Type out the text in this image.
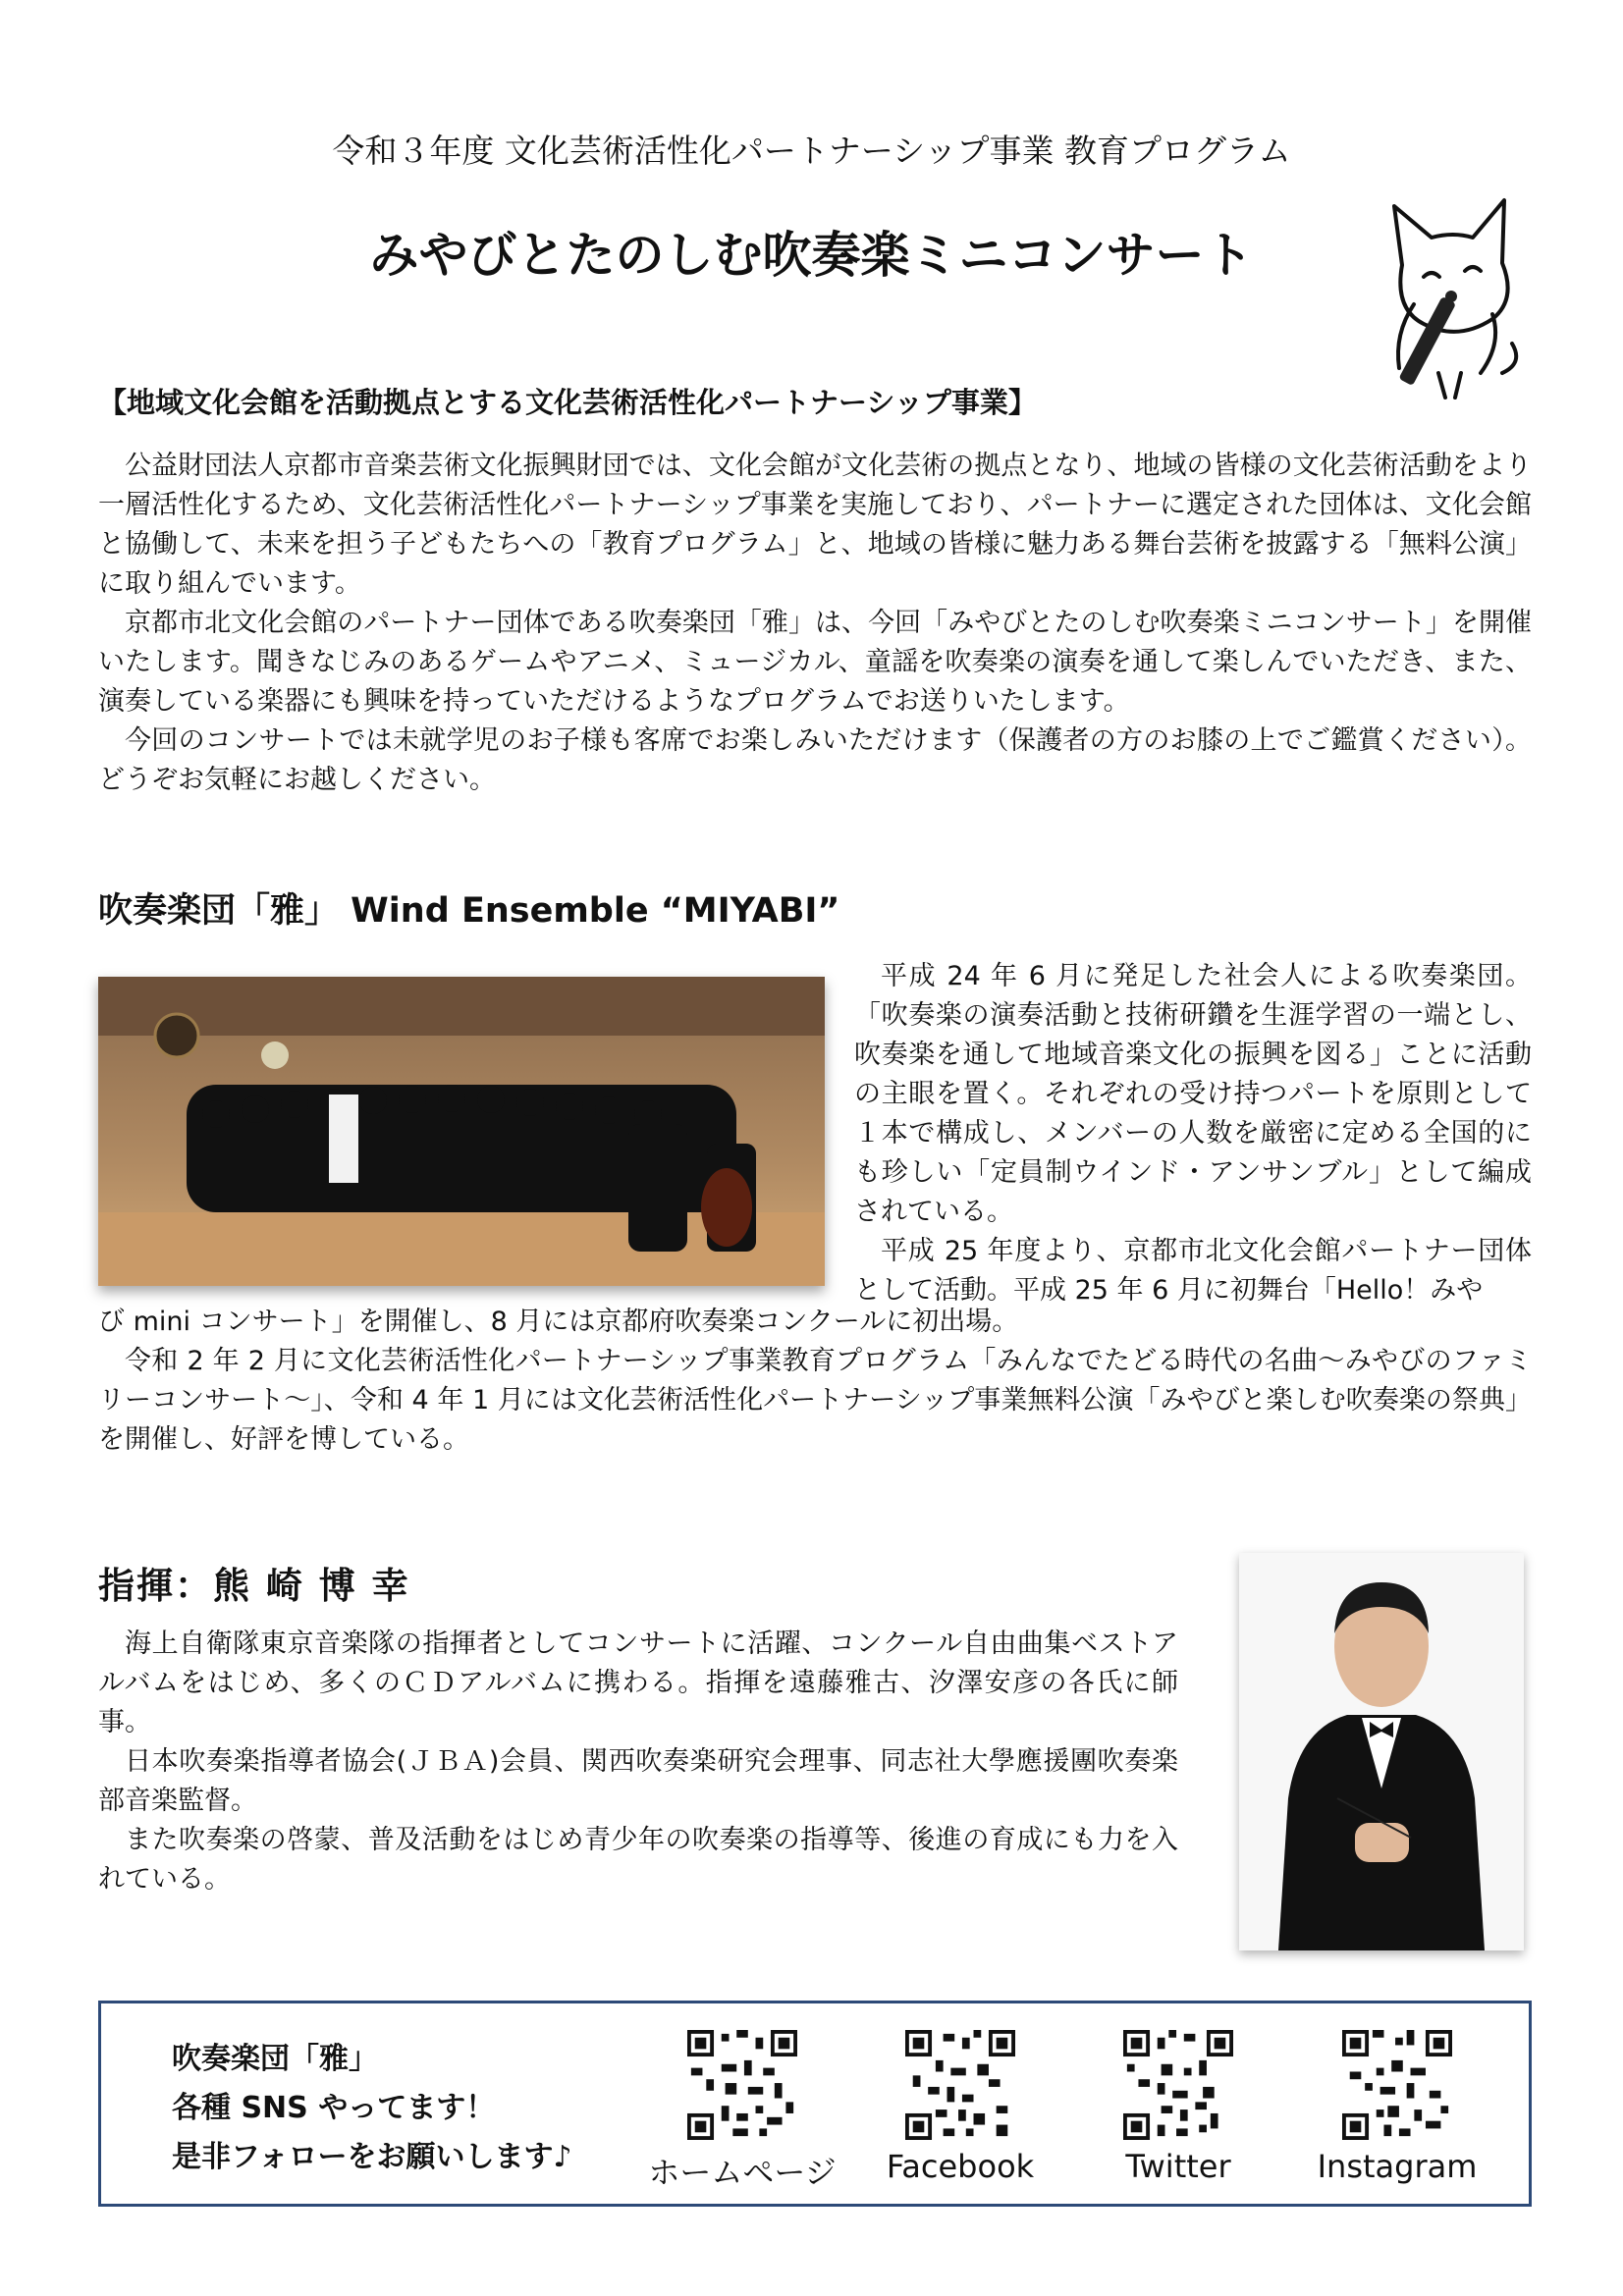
令和３年度 文化芸術活性化パートナーシップ事業 教育プログラム
みやびとたのしむ吹奏楽ミニコンサート
【地域文化会館を活動拠点とする文化芸術活性化パートナーシップ事業】

公益財団法人京都市音楽芸術文化振興財団では、文化会館が文化芸術の拠点となり、地域の皆様の文化芸術活動をより一層活性化するため、文化芸術活性化パートナーシップ事業を実施しており、パートナーに選定された団体は、文化会館と協働して、未来を担う子どもたちへの「教育プログラム」と、地域の皆様に魅力ある舞台芸術を披露する「無料公演」に取り組んでいます。

京都市北文化会館のパートナー団体である吹奏楽団「雅」は、今回「みやびとたのしむ吹奏楽ミニコンサート」を開催いたします。聞きなじみのあるゲームやアニメ、ミュージカル、童謡を吹奏楽の演奏を通して楽しんでいただき、また、演奏している楽器にも興味を持っていただけるようなプログラムでお送りいたします。

今回のコンサートでは未就学児のお子様も客席でお楽しみいただけます（保護者の方のお膝の上でご鑑賞ください）。どうぞお気軽にお越しください。

吹奏楽団「雅」 Wind Ensemble “MIYABI”

平成 24 年 6 月に発足した社会人による吹奏楽団。「吹奏楽の演奏活動と技術研鑽を生涯学習の一端とし、吹奏楽を通して地域音楽文化の振興を図る」ことに活動の主眼を置く。それぞれの受け持つパートを原則として１本で構成し、メンバーの人数を厳密に定める全国的にも珍しい「定員制ウインド・アンサンブル」として編成されている。

平成 25 年度より、京都市北文化会館パートナー団体として活動。平成 25 年 6 月に初舞台「Hello！みや

び mini コンサート」を開催し、8 月には京都府吹奏楽コンクールに初出場。

令和 2 年 2 月に文化芸術活性化パートナーシップ事業教育プログラム「みんなでたどる時代の名曲～みやびのファミリーコンサート～」、令和 4 年 1 月には文化芸術活性化パートナーシップ事業無料公演「みやびと楽しむ吹奏楽の祭典」を開催し、好評を博している。

指揮：熊 崎 博 幸

海上自衛隊東京音楽隊の指揮者としてコンサートに活躍、コンクール自由曲集ベストアルバムをはじめ、多くのＣＤアルバムに携わる。指揮を遠藤雅古、汐澤安彦の各氏に師事。

日本吹奏楽指導者協会(ＪＢＡ)会員、関西吹奏楽研究会理事、同志社大學應援團吹奏楽部音楽監督。

また吹奏楽の啓蒙、普及活動をはじめ青少年の吹奏楽の指導等、後進の育成にも力を入れている。

吹奏楽団「雅」
各種 SNS やってます！
是非フォローをお願いします♪ ホームページ	Facebook	Twitter	Instagram
